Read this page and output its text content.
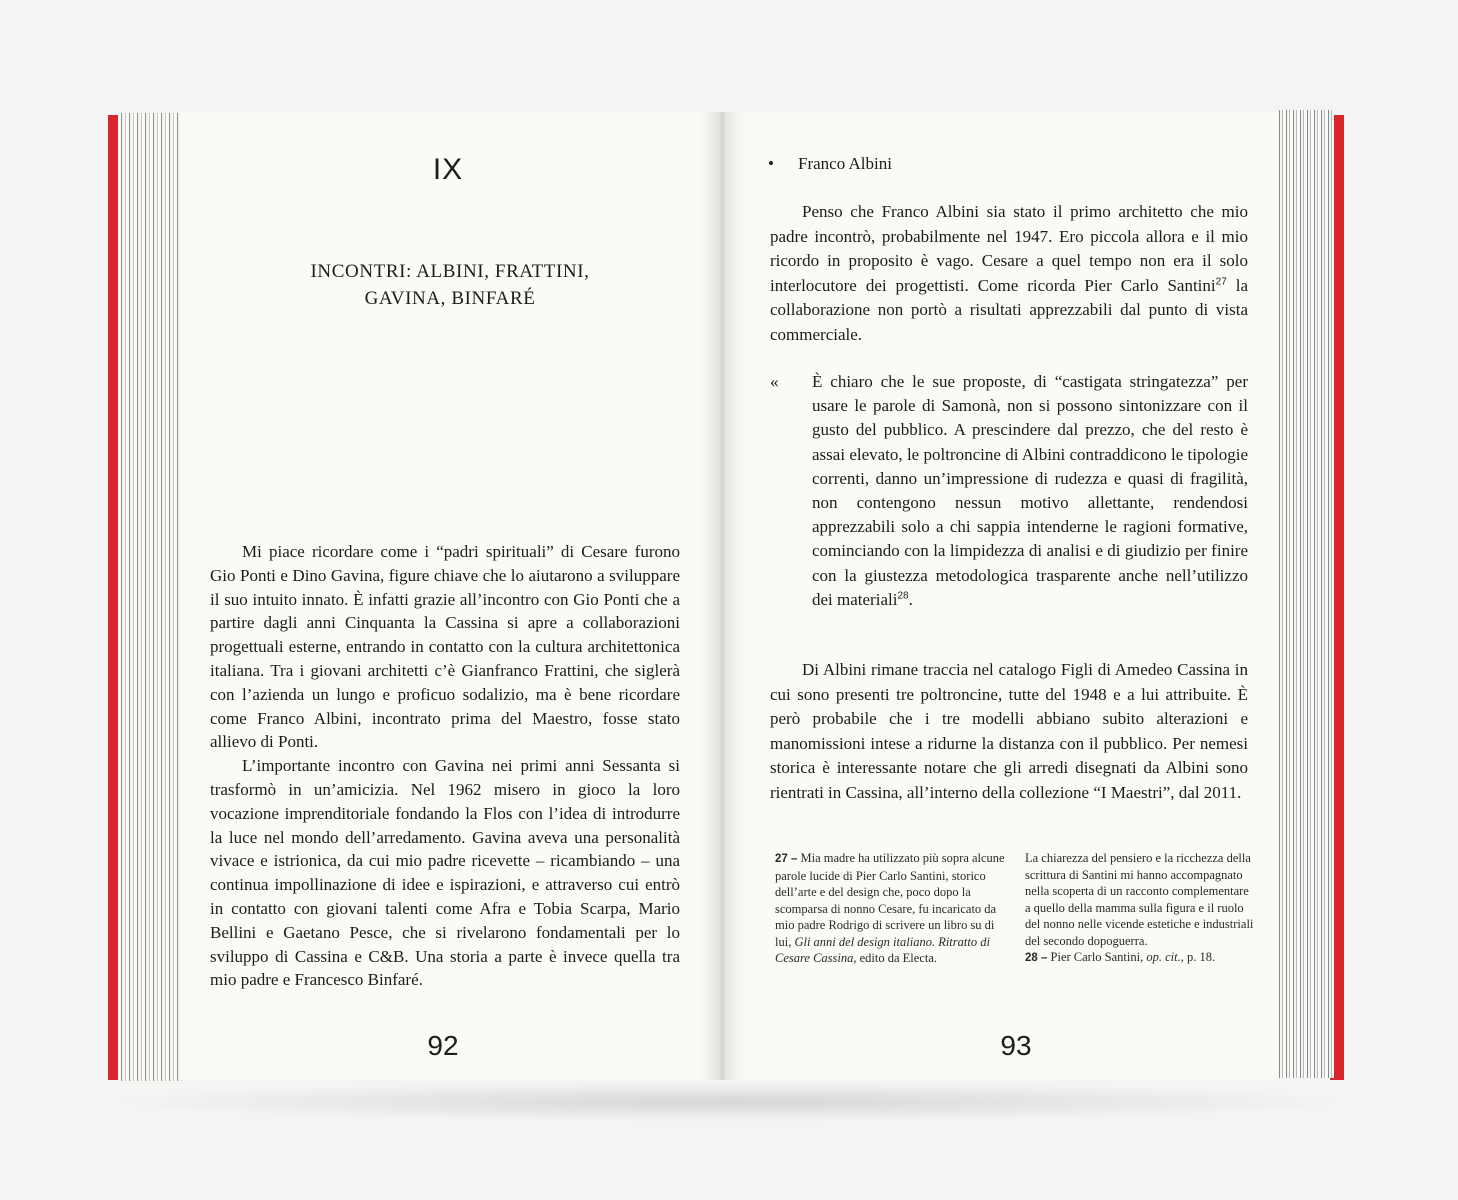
IX
INCONTRI: ALBINI, FRATTINI,
GAVINA, BINFARÉ

Mi piace ricordare come i “padri spirituali” di Cesare furono Gio Ponti e Dino Gavina, figure chiave che lo aiutarono a sviluppare il suo intuito innato. È infatti grazie all’incontro con Gio Ponti che a partire dagli anni Cinquanta la Cassina si apre a collaborazioni progettuali esterne, entrando in contatto con la cultura architettonica italiana. Tra i giovani architetti c’è Gianfranco Frattini, che siglerà con l’azienda un lungo e proficuo sodalizio, ma è bene ricordare come Franco Albini, incontrato prima del Maestro, fosse stato allievo di Ponti.

L’importante incontro con Gavina nei primi anni Sessanta si trasformò in un’amicizia. Nel 1962 misero in gioco la loro vocazione imprenditoriale fondando la Flos con l’idea di introdurre la luce nel mondo dell’arredamento. Gavina aveva una personalità vivace e istrionica, da cui mio padre ricevette – ricambiando – una continua impollinazione di idee e ispirazioni, e attraverso cui entrò in contatto con giovani talenti come Afra e Tobia Scarpa, Mario Bellini e Gaetano Pesce, che si rivelarono fondamentali per lo sviluppo di Cassina e C&B. Una storia a parte è invece quella tra mio padre e Francesco Binfaré.

92
• Franco Albini

Penso che Franco Albini sia stato il primo architetto che mio padre incontrò, probabilmente nel 1947. Ero piccola allora e il mio ricordo in proposito è vago. Cesare a quel tempo non era il solo interlocutore dei progettisti. Come ricorda Pier Carlo Santini$^{27}$ la collaborazione non portò a risultati apprezzabili dal punto di vista commerciale.

«	È chiaro che le sue proposte, di “castigata stringatezza” per usare le parole di Samonà, non si possono sintonizzare con il gusto del pubblico. A prescindere dal prezzo, che del resto è assai elevato, le poltroncine di Albini contraddicono le tipologie correnti, danno un’impressione di rudezza e quasi di fragilità, non contengono nessun motivo allettante, rendendosi apprezzabili solo a chi sappia intenderne le ragioni formative, cominciando con la limpidezza di analisi e di giudizio per finire con la giustezza metodologica trasparente anche nell’utilizzo dei materiali$^{28}$.

Di Albini rimane traccia nel catalogo Figli di Amedeo Cassina in cui sono presenti tre poltroncine, tutte del 1948 e a lui attribuite. È però probabile che i tre modelli abbiano subito alterazioni e manomissioni intese a ridurne la distanza con il pubblico. Per nemesi storica è interessante notare che gli arredi disegnati da Albini sono rientrati in Cassina, all’interno della collezione “I Maestri”, dal 2011.

27 – Mia madre ha utilizzato più sopra alcune parole lucide di Pier Carlo Santini, storico dell’arte e del design che, poco dopo la scomparsa di nonno Cesare, fu incaricato da mio padre Rodrigo di scrivere un libro su di lui, Gli anni del design italiano. Ritratto di Cesare Cassina, edito da Electa.
La chiarezza del pensiero e la ricchezza della scrittura di Santini mi hanno accompagnato nella scoperta di un racconto complementare a quello della mamma sulla figura e il ruolo del nonno nelle vicende estetiche e industriali del secondo dopoguerra.
28 – Pier Carlo Santini, op. cit., p. 18.
93
